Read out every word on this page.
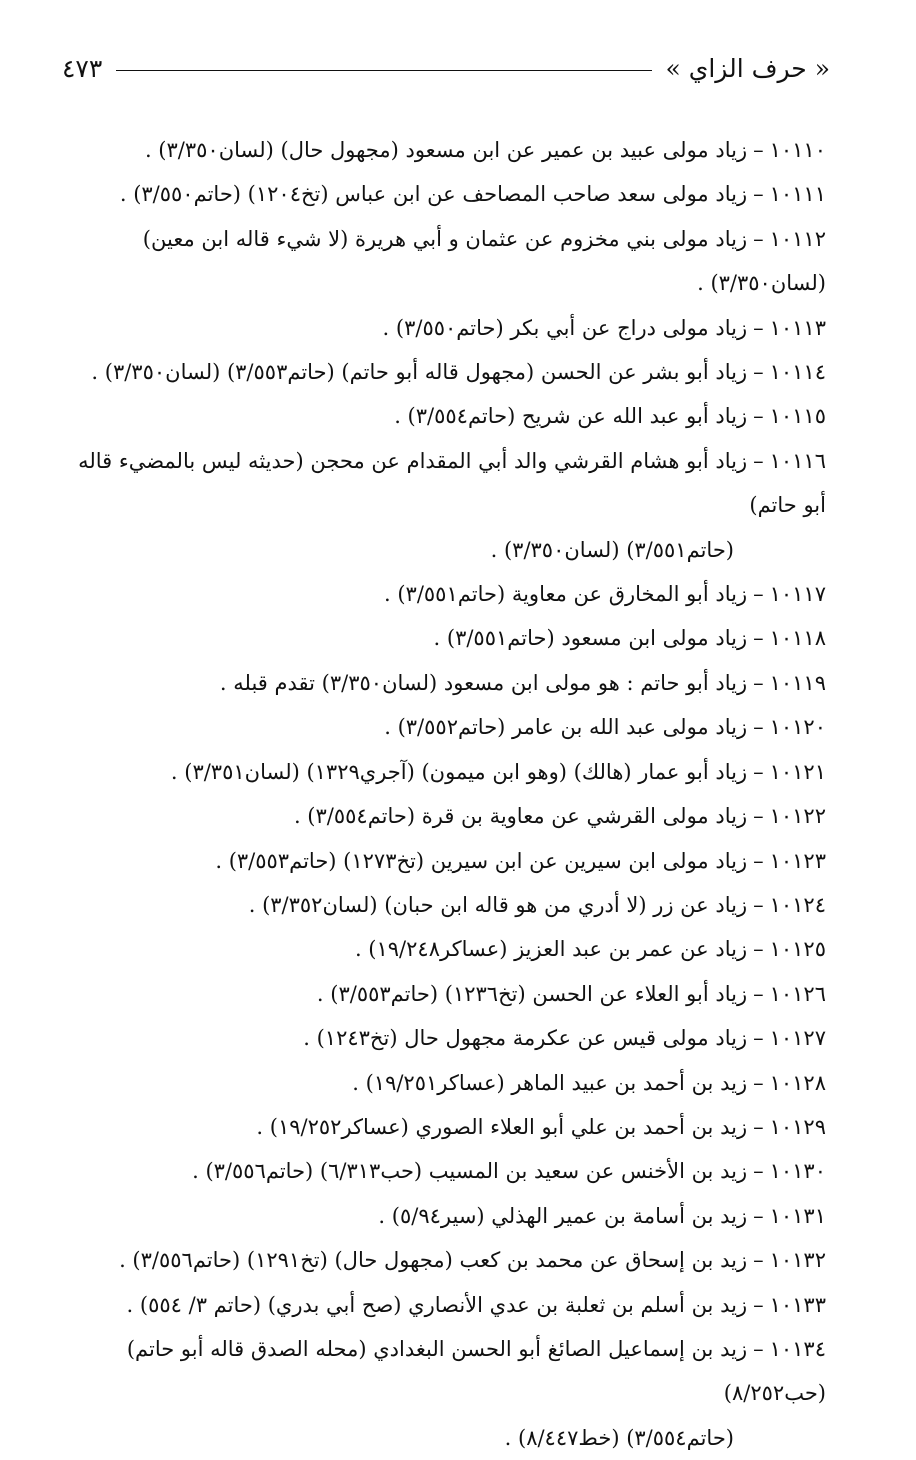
« حرف الزاي »
٤٧٣
١٠١١٠–زياد مولى عبيد بن عمير عن ابن مسعود (مجهول حال) (لسان٣/٣٥٠) .
١٠١١١–زياد مولى سعد صاحب المصاحف عن ابن عباس (تخ١٢٠٤) (حاتم٣/٥٥٠) .
١٠١١٢–زياد مولى بني مخزوم عن عثمان و أبي هريرة (لا شيء قاله ابن معين) (لسان٣/٣٥٠) .
١٠١١٣–زياد مولى دراج عن أبي بكر (حاتم٣/٥٥٠) .
١٠١١٤–زياد أبو بشر عن الحسن (مجهول قاله أبو حاتم) (حاتم٣/٥٥٣) (لسان٣/٣٥٠) .
١٠١١٥–زياد أبو عبد الله عن شريح (حاتم٣/٥٥٤) .
١٠١١٦–زياد أبو هشام القرشي والد أبي المقدام عن محجن (حديثه ليس بالمضيء قاله أبو حاتم)
(حاتم٣/٥٥١) (لسان٣/٣٥٠) .
١٠١١٧–زياد أبو المخارق عن معاوية (حاتم٣/٥٥١) .
١٠١١٨–زياد مولى ابن مسعود (حاتم٣/٥٥١) .
١٠١١٩–زياد أبو حاتم : هو مولى ابن مسعود (لسان٣/٣٥٠) تقدم قبله .
١٠١٢٠–زياد مولى عبد الله بن عامر (حاتم٣/٥٥٢) .
١٠١٢١–زياد أبو عمار (هالك) (وهو ابن ميمون) (آجري١٣٢٩) (لسان٣/٣٥١) .
١٠١٢٢–زياد مولى القرشي عن معاوية بن قرة (حاتم٣/٥٥٤) .
١٠١٢٣–زياد مولى ابن سيرين عن ابن سيرين (تخ١٢٧٣) (حاتم٣/٥٥٣) .
١٠١٢٤–زياد عن زر (لا أدري من هو قاله ابن حبان) (لسان٣/٣٥٢) .
١٠١٢٥–زياد عن عمر بن عبد العزيز (عساكر١٩/٢٤٨) .
١٠١٢٦–زياد أبو العلاء عن الحسن (تخ١٢٣٦) (حاتم٣/٥٥٣) .
١٠١٢٧–زياد مولى قيس عن عكرمة مجهول حال (تخ١٢٤٣) .
١٠١٢٨–زيد بن أحمد بن عبيد الماهر (عساكر١٩/٢٥١) .
١٠١٢٩–زيد بن أحمد بن علي أبو العلاء الصوري (عساكر١٩/٢٥٢) .
١٠١٣٠–زيد بن الأخنس عن سعيد بن المسيب (حب٦/٣١٣) (حاتم٣/٥٥٦) .
١٠١٣١–زيد بن أسامة بن عمير الهذلي (سير٥/٩٤) .
١٠١٣٢–زيد بن إسحاق عن محمد بن كعب (مجهول حال) (تخ١٢٩١) (حاتم٣/٥٥٦) .
١٠١٣٣–زيد بن أسلم بن ثعلبة بن عدي الأنصاري (صح أبي بدري) (حاتم ٣/ ٥٥٤) .
١٠١٣٤–زيد بن إسماعيل الصائغ أبو الحسن البغدادي (محله الصدق قاله أبو حاتم) (حب٨/٢٥٢)
(حاتم٣/٥٥٤) (خط٨/٤٤٧) .
